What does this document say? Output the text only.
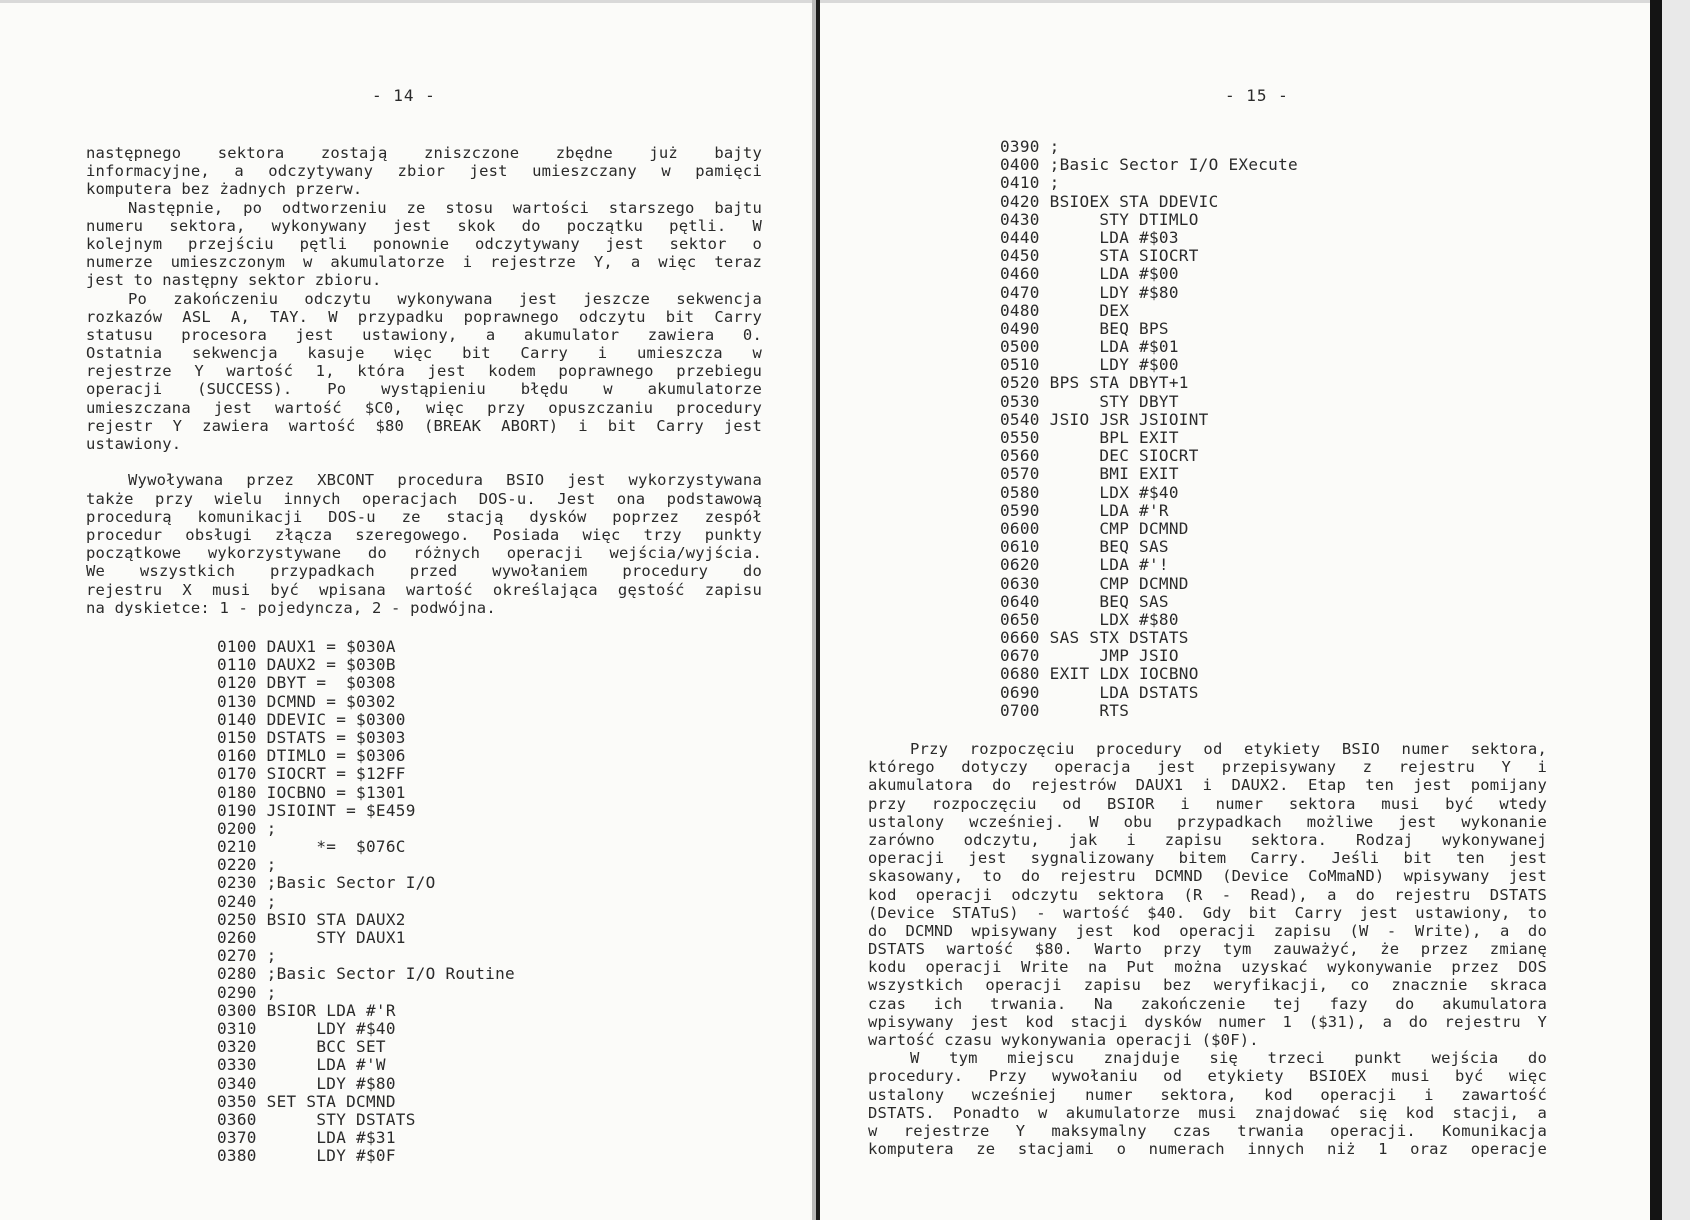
- 14 -
następnego sektora zostają zniszczone zbędne już bajty
informacyjne, a odczytywany zbior jest umieszczany w pamięci
komputera bez żadnych przerw.
Następnie, po odtworzeniu ze stosu wartości starszego bajtu
numeru sektora, wykonywany jest skok do początku pętli. W
kolejnym przejściu pętli ponownie odczytywany jest sektor o
numerze umieszczonym w akumulatorze i rejestrze Y, a więc teraz
jest to następny sektor zbioru.
Po zakończeniu odczytu wykonywana jest jeszcze sekwencja
rozkazów ASL A, TAY. W przypadku poprawnego odczytu bit Carry
statusu procesora jest ustawiony, a akumulator zawiera 0.
Ostatnia sekwencja kasuje więc bit Carry i umieszcza w
rejestrze Y wartość 1, która jest kodem poprawnego przebiegu
operacji (SUCCESS). Po wystąpieniu błędu w akumulatorze
umieszczana jest wartość $C0, więc przy opuszczaniu procedury
rejestr Y zawiera wartość $80 (BREAK ABORT) i bit Carry jest
ustawiony.
Wywoływana przez XBCONT procedura BSIO jest wykorzystywana
także przy wielu innych operacjach DOS-u. Jest ona podstawową
procedurą komunikacji DOS-u ze stacją dysków poprzez zespół
procedur obsługi złącza szeregowego. Posiada więc trzy punkty
początkowe wykorzystywane do różnych operacji wejścia/wyjścia.
We wszystkich przypadkach przed wywołaniem procedury do
rejestru X musi być wpisana wartość określająca gęstość zapisu
na dyskietce: 1 - pojedyncza, 2 - podwójna.
0100 DAUX1 = $030A
0110 DAUX2 = $030B
0120 DBYT =  $0308
0130 DCMND = $0302
0140 DDEVIC = $0300
0150 DSTATS = $0303
0160 DTIMLO = $0306
0170 SIOCRT = $12FF
0180 IOCBNO = $1301
0190 JSIOINT = $E459
0200 ;
0210      *=  $076C
0220 ;
0230 ;Basic Sector I/O
0240 ;
0250 BSIO STA DAUX2
0260      STY DAUX1
0270 ;
0280 ;Basic Sector I/O Routine
0290 ;
0300 BSIOR LDA #'R
0310      LDY #$40
0320      BCC SET
0330      LDA #'W
0340      LDY #$80
0350 SET STA DCMND
0360      STY DSTATS
0370      LDA #$31
0380      LDY #$0F
- 15 -
0390 ;
0400 ;Basic Sector I/O EXecute
0410 ;
0420 BSIOEX STA DDEVIC
0430      STY DTIMLO
0440      LDA #$03
0450      STA SIOCRT
0460      LDA #$00
0470      LDY #$80
0480      DEX
0490      BEQ BPS
0500      LDA #$01
0510      LDY #$00
0520 BPS STA DBYT+1
0530      STY DBYT
0540 JSIO JSR JSIOINT
0550      BPL EXIT
0560      DEC SIOCRT
0570      BMI EXIT
0580      LDX #$40
0590      LDA #'R
0600      CMP DCMND
0610      BEQ SAS
0620      LDA #'!
0630      CMP DCMND
0640      BEQ SAS
0650      LDX #$80
0660 SAS STX DSTATS
0670      JMP JSIO
0680 EXIT LDX IOCBNO
0690      LDA DSTATS
0700      RTS
Przy rozpoczęciu procedury od etykiety BSIO numer sektora,
którego dotyczy operacja jest przepisywany z rejestru Y i
akumulatora do rejestrów DAUX1 i DAUX2. Etap ten jest pomijany
przy rozpoczęciu od BSIOR i numer sektora musi być wtedy
ustalony wcześniej. W obu przypadkach możliwe jest wykonanie
zarówno odczytu, jak i zapisu sektora. Rodzaj wykonywanej
operacji jest sygnalizowany bitem Carry. Jeśli bit ten jest
skasowany, to do rejestru DCMND (Device CoMmaND) wpisywany jest
kod operacji odczytu sektora (R - Read), a do rejestru DSTATS
(Device STATuS) - wartość $40. Gdy bit Carry jest ustawiony, to
do DCMND wpisywany jest kod operacji zapisu (W - Write), a do
DSTATS wartość $80. Warto przy tym zauważyć, że przez zmianę
kodu operacji Write na Put można uzyskać wykonywanie przez DOS
wszystkich operacji zapisu bez weryfikacji, co znacznie skraca
czas ich trwania. Na zakończenie tej fazy do akumulatora
wpisywany jest kod stacji dysków numer 1 ($31), a do rejestru Y
wartość czasu wykonywania operacji ($0F).
W tym miejscu znajduje się trzeci punkt wejścia do
procedury. Przy wywołaniu od etykiety BSIOEX musi być więc
ustalony wcześniej numer sektora, kod operacji i zawartość
DSTATS. Ponadto w akumulatorze musi znajdować się kod stacji, a
w rejestrze Y maksymalny czas trwania operacji. Komunikacja
komputera ze stacjami o numerach innych niż 1 oraz operacje
